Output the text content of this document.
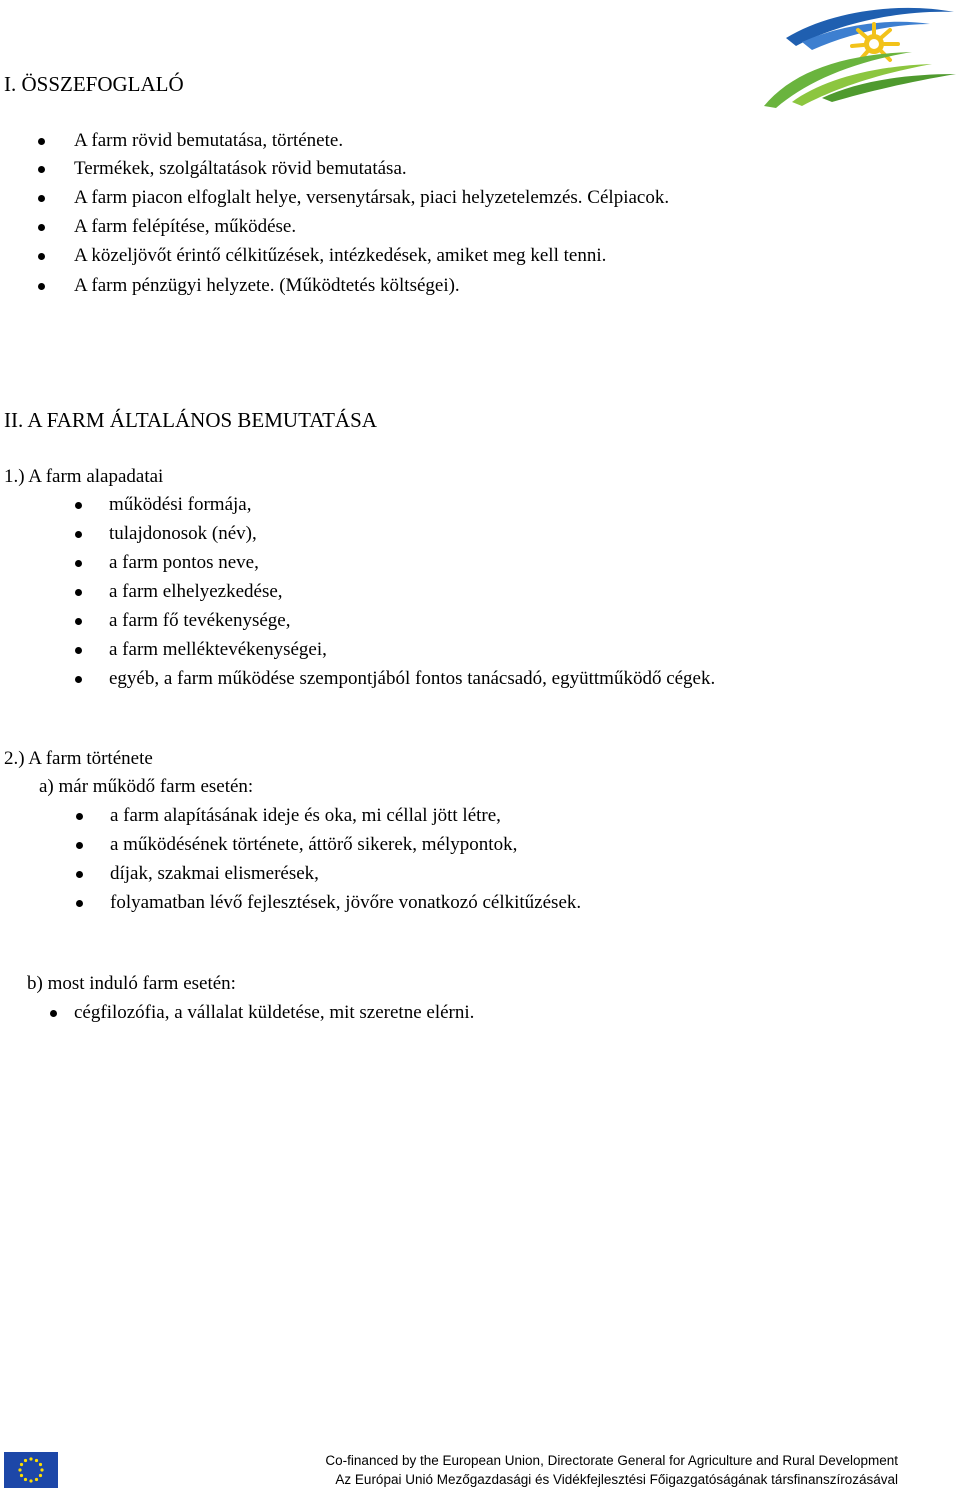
I. ÖSSZEFOGLALÓ
A farm rövid bemutatása, története.
Termékek, szolgáltatások rövid bemutatása.
A farm piacon elfoglalt helye, versenytársak, piaci helyzetelemzés. Célpiacok.
A farm felépítése, működése.
A közeljövőt érintő célkitűzések, intézkedések, amiket meg kell tenni.
A farm pénzügyi helyzete. (Működtetés költségei).
II. A FARM ÁLTALÁNOS BEMUTATÁSA
1.) A farm alapadatai
működési formája,
tulajdonosok (név),
a farm pontos neve,
a farm elhelyezkedése,
a farm fő tevékenysége,
a farm melléktevékenységei,
egyéb, a farm működése szempontjából fontos tanácsadó, együttműködő cégek.
2.) A farm története
a) már működő farm esetén:
a farm alapításának ideje és oka, mi céllal jött létre,
a működésének története, áttörő sikerek, mélypontok,
díjak, szakmai elismerések,
folyamatban lévő fejlesztések, jövőre vonatkozó célkitűzések.
b) most induló farm esetén:
cégfilozófia, a vállalat küldetése, mit szeretne elérni.
Co-financed by the European Union, Directorate General for Agriculture and Rural Development
Az Európai Unió Mezőgazdasági és Vidékfejlesztési Főigazgatóságának társfinanszírozásával
